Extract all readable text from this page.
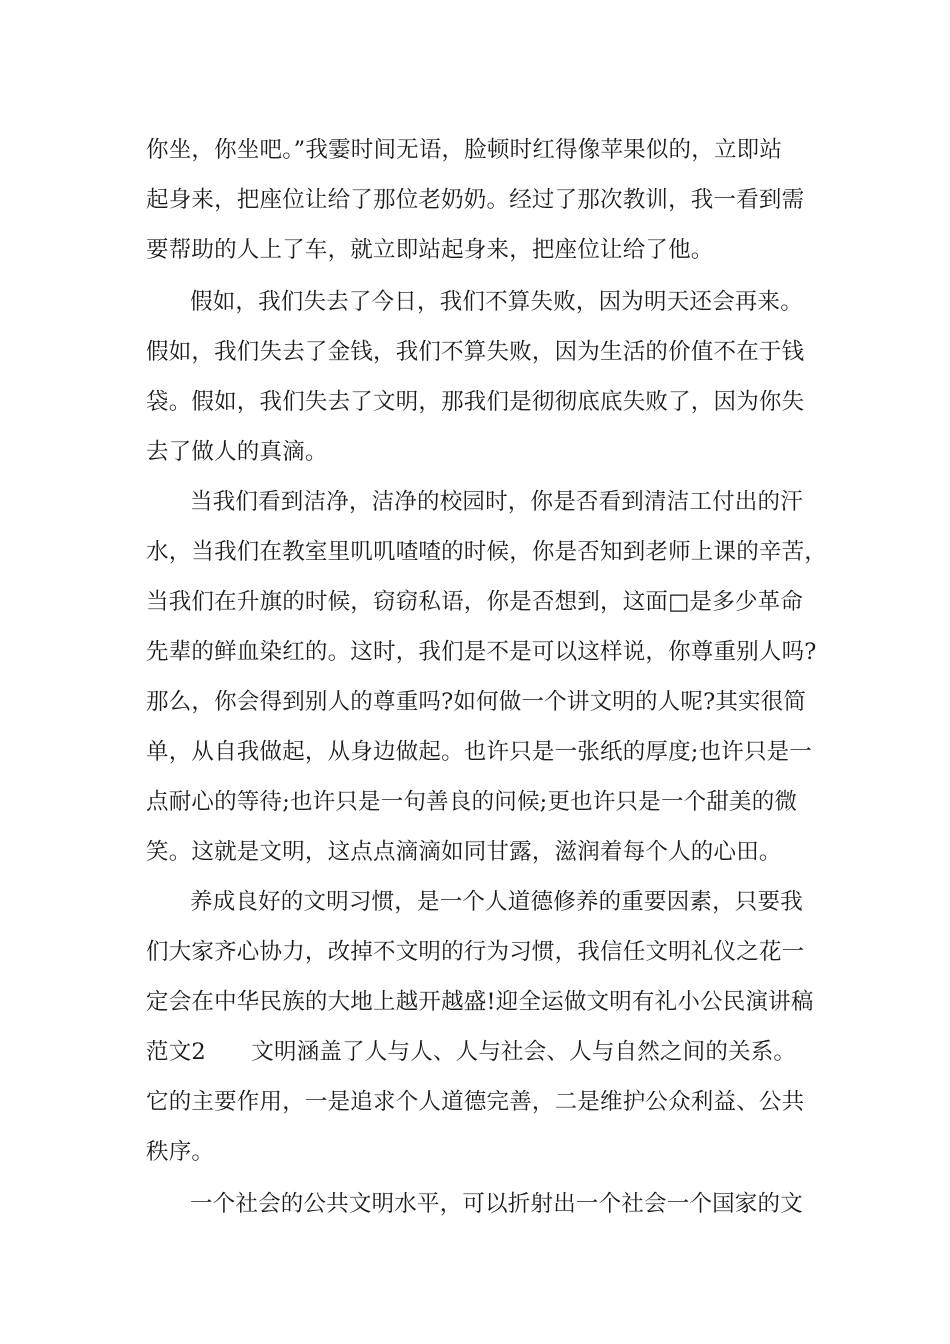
你坐，你坐吧。”我霎时间无语，脸顿时红得像苹果似的，立即站
起身来，把座位让给了那位老奶奶。经过了那次教训，我一看到需
要帮助的人上了车，就立即站起身来，把座位让给了他。
假如，我们失去了今日，我们不算失败，因为明天还会再来。
假如，我们失去了金钱，我们不算失败，因为生活的价值不在于钱
袋。假如，我们失去了文明，那我们是彻彻底底失败了，因为你失
去了做人的真滴。
当我们看到洁净，洁净的校园时，你是否看到清洁工付出的汗
水，当我们在教室里叽叽喳喳的时候，你是否知到老师上课的辛苦，
当我们在升旗的时候，窃窃私语，你是否想到，这面□是多少革命
先辈的鲜血染红的。这时，我们是不是可以这样说，你尊重别人吗?
那么，你会得到别人的尊重吗?如何做一个讲文明的人呢?其实很简
单，从自我做起，从身边做起。也许只是一张纸的厚度;也许只是一
点耐心的等待;也许只是一句善良的问候;更也许只是一个甜美的微
笑。这就是文明，这点点滴滴如同甘露，滋润着每个人的心田。
养成良好的文明习惯，是一个人道德修养的重要因素，只要我
们大家齐心协力，改掉不文明的行为习惯，我信任文明礼仪之花一
定会在中华民族的大地上越开越盛!迎全运做文明有礼小公民演讲稿
范文2　　文明涵盖了人与人、人与社会、人与自然之间的关系。
它的主要作用，一是追求个人道德完善，二是维护公众利益、公共
秩序。
一个社会的公共文明水平，可以折射出一个社会一个国家的文
